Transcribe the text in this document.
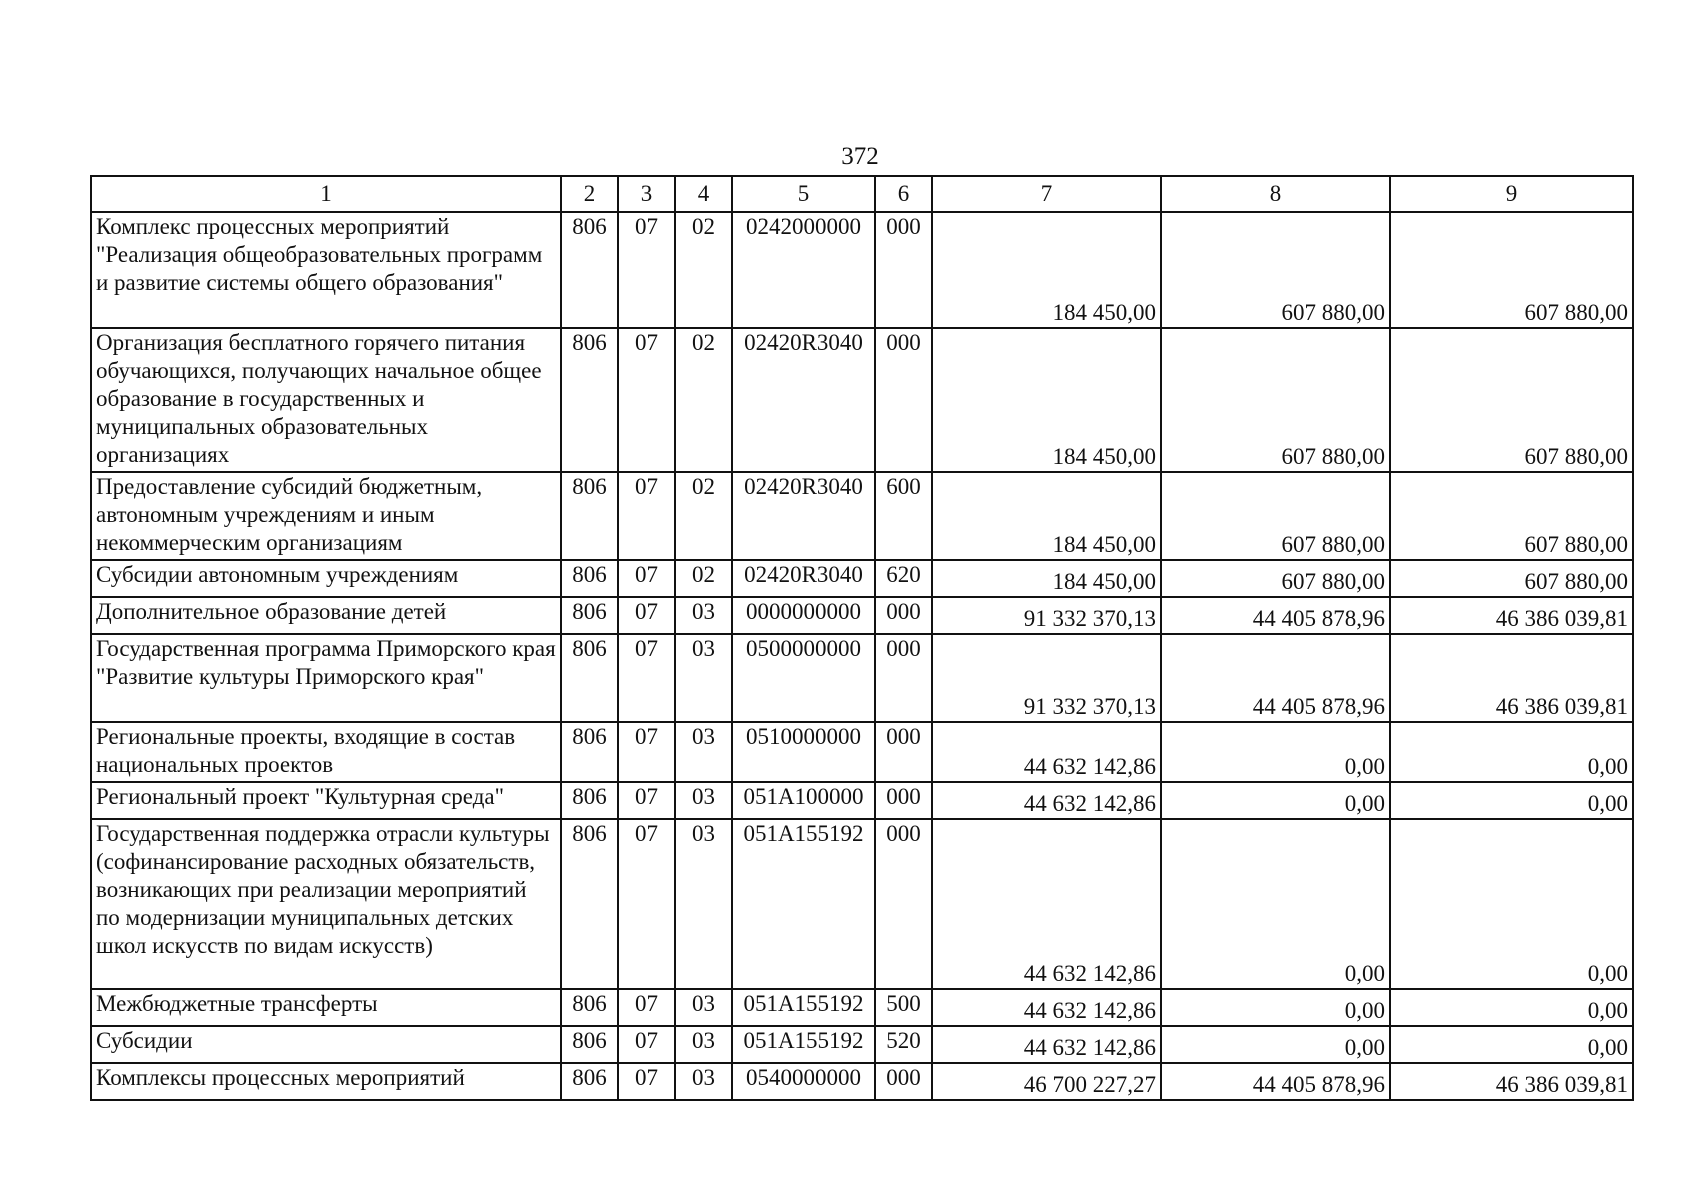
372
1	2	3	4	5	6	7	8	9
Комплекс процессных мероприятий "Реализация общеобразовательных программ и развитие системы общего образования"	806	07	02	0242000000	000	184 450,00	607 880,00	607 880,00
Организация бесплатного горячего питания обучающихся, получающих начальное общее образование в государственных и муниципальных образовательных организациях	806	07	02	02420R3040	000	184 450,00	607 880,00	607 880,00
Предоставление субсидий бюджетным, автономным учреждениям и иным некоммерческим организациям	806	07	02	02420R3040	600	184 450,00	607 880,00	607 880,00
Субсидии автономным учреждениям	806	07	02	02420R3040	620	184 450,00	607 880,00	607 880,00
Дополнительное образование детей	806	07	03	0000000000	000	91 332 370,13	44 405 878,96	46 386 039,81
Государственная программа Приморского края "Развитие культуры Приморского края"	806	07	03	0500000000	000	91 332 370,13	44 405 878,96	46 386 039,81
Региональные проекты, входящие в состав национальных проектов	806	07	03	0510000000	000	44 632 142,86	0,00	0,00
Региональный проект "Культурная среда"	806	07	03	051A100000	000	44 632 142,86	0,00	0,00
Государственная поддержка отрасли культуры (софинансирование расходных обязательств, возникающих при реализации мероприятий по модернизации муниципальных детских школ искусств по видам искусств)	806	07	03	051A155192	000	44 632 142,86	0,00	0,00
Межбюджетные трансферты	806	07	03	051A155192	500	44 632 142,86	0,00	0,00
Субсидии	806	07	03	051A155192	520	44 632 142,86	0,00	0,00
Комплексы процессных мероприятий	806	07	03	0540000000	000	46 700 227,27	44 405 878,96	46 386 039,81
